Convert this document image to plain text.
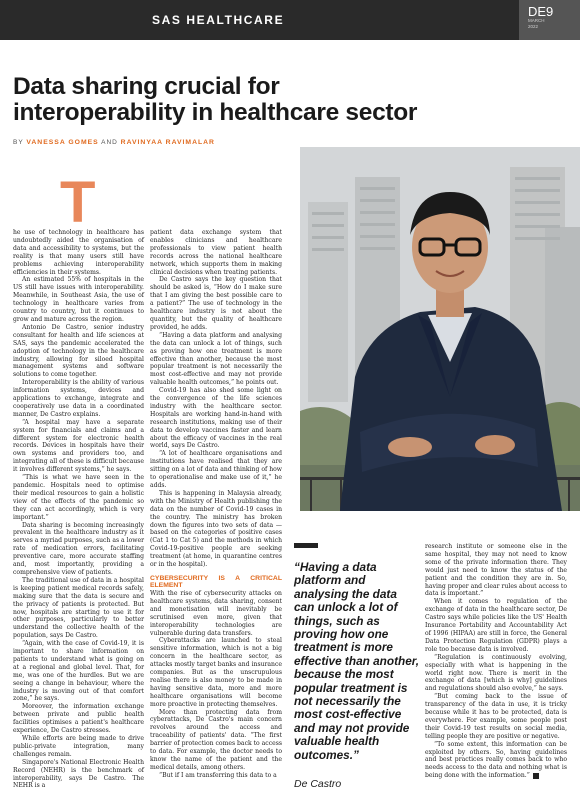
SAS HEALTHCARE
DE9
MARCH
2022
Data sharing crucial for
interoperability in healthcare sector
BY VANESSA GOMES AND RAVINYAA RAVIMALAR
T

he use of technology in healthcare has undoubtedly aided the organisation of data and accessibility to systems, but the reality is that many users still have problems achieving interoperability efficiencies in their systems.

An estimated 55% of hospitals in the US still have issues with interoperability. Meanwhile, in Southeast Asia, the use of technology in healthcare varies from country to country, but it continues to grow and mature across the region.

Antonio De Castro, senior industry consultant for health and life sciences at SAS, says the pandemic accelerated the adoption of technology in the healthcare industry, allowing for siloed hospital management systems and software solutions to come together.

Interoperability is the ability of various information systems, devices and applications to exchange, integrate and cooperatively use data in a coordinated manner, De Castro explains.

“A hospital may have a separate system for financials and claims and a different system for electronic health records. Devices in hospitals have their own systems and providers too, and integrating all of these is difficult because it involves different systems,” he says.

“This is what we have seen in the pandemic. Hospitals need to optimise their medical resources to gain a holistic view of the effects of the pandemic so they can act accordingly, which is very important.”

Data sharing is becoming increasingly prevalent in the healthcare industry as it serves a myriad purposes, such as a lower rate of medication errors, facilitating preventive care, more accurate staffing and, most importantly, providing a comprehensive view of patients.

The traditional use of data in a hospital is keeping patient medical records safely, making sure that the data is secure and the privacy of patients is protected. But now, hospitals are starting to use it for other purposes, particularly to better understand the collective health of the population, says De Castro.

“Again, with the case of Covid-19, it is important to share information on patients to understand what is going on at a regional and global level. That, for me, was one of the hurdles. But we are seeing a change in behaviour, where the industry is moving out of that comfort zone,” he says.

Moreover, the information exchange between private and public health facilities optimises a patient's healthcare experience, De Castro stresses.

While efforts are being made to drive public-private integration, many challenges remain.

Singapore's National Electronic Health Record (NEHR) is the benchmark of interoperability, says De Castro. The NEHR is a

patient data exchange system that enables clinicians and healthcare professionals to view patient health records across the national healthcare network, which supports them in making clinical decisions when treating patients.

De Castro says the key question that should be asked is, “How do I make sure that I am giving the best possible care to a patient?” The use of technology in the healthcare industry is not about the quantity, but the quality of healthcare provided, he adds.

“Having a data platform and analysing the data can unlock a lot of things, such as proving how one treatment is more effective than another, because the most popular treatment is not necessarily the most cost-effective and may not provide valuable health outcomes,” he points out.

Covid-19 has also shed some light on the convergence of the life sciences industry with the healthcare sector. Hospitals are working hand-in-hand with research institutions, making use of their data to develop vaccines faster and learn about the efficacy of vaccines in the real world, says De Castro.

“A lot of healthcare organisations and institutions have realised that they are sitting on a lot of data and thinking of how to operationalise and make use of it,” he adds.

This is happening in Malaysia already, with the Ministry of Health publishing the data on the number of Covid-19 cases in the country. The ministry has broken down the figures into two sets of data — based on the categories of positive cases (Cat 1 to Cat 5) and the methods in which Covid-19-positive people are seeking treatment (at home, in quarantine centres or in the hospital).

CYBERSECURITY IS A CRITICAL ELEMENT

With the rise of cybersecurity attacks on healthcare systems, data sharing, consent and monetisation will inevitably be scrutinised even more, given that interoperability technologies are vulnerable during data transfers.

Cyberattacks are launched to steal sensitive information, which is not a big concern in the healthcare sector, as attacks mostly target banks and insurance companies. But as the unscrupulous realise there is also money to be made in having sensitive data, more and more healthcare organisations will become more proactive in protecting themselves.

More than protecting data from cyberattacks, De Castro's main concern revolves around the access and traceability of patients' data. “The first barrier of protection comes back to access to data. For example, the doctor needs to know the name of the patient and the medical details, among others.

“But if I am transferring this data to a

“Having a data platform and analysing the data can unlock a lot of things, such as proving how one treatment is more effective than another, because the most popular treatment is not necessarily the most cost-effective and may not provide valuable health outcomes.”
De Castro

research institute or someone else in the same hospital, they may not need to know some of the private information there. They would just need to know the status of the patient and the condition they are in. So, having proper and clear rules about access to data is important.”

When it comes to regulation of the exchange of data in the healthcare sector, De Castro says while policies like the US' Health Insurance Portability and Accountability Act of 1996 (HIPAA) are still in force, the General Data Protection Regulation (GDPR) plays a role too because data is involved.

“Regulation is continuously evolving, especially with what is happening in the world right now. There is merit in the exchange of data [which is why] guidelines and regulations should also evolve,” he says.

“But coming back to the issue of transparency of the data in use, it is tricky because while it has to be protected, data is everywhere. For example, some people post their Covid-19 test results on social media, telling people they are positive or negative.

“To some extent, this information can be exploited by others. So, having guidelines and best practices really comes back to who needs access to the data and nothing what is being done with the information.”
